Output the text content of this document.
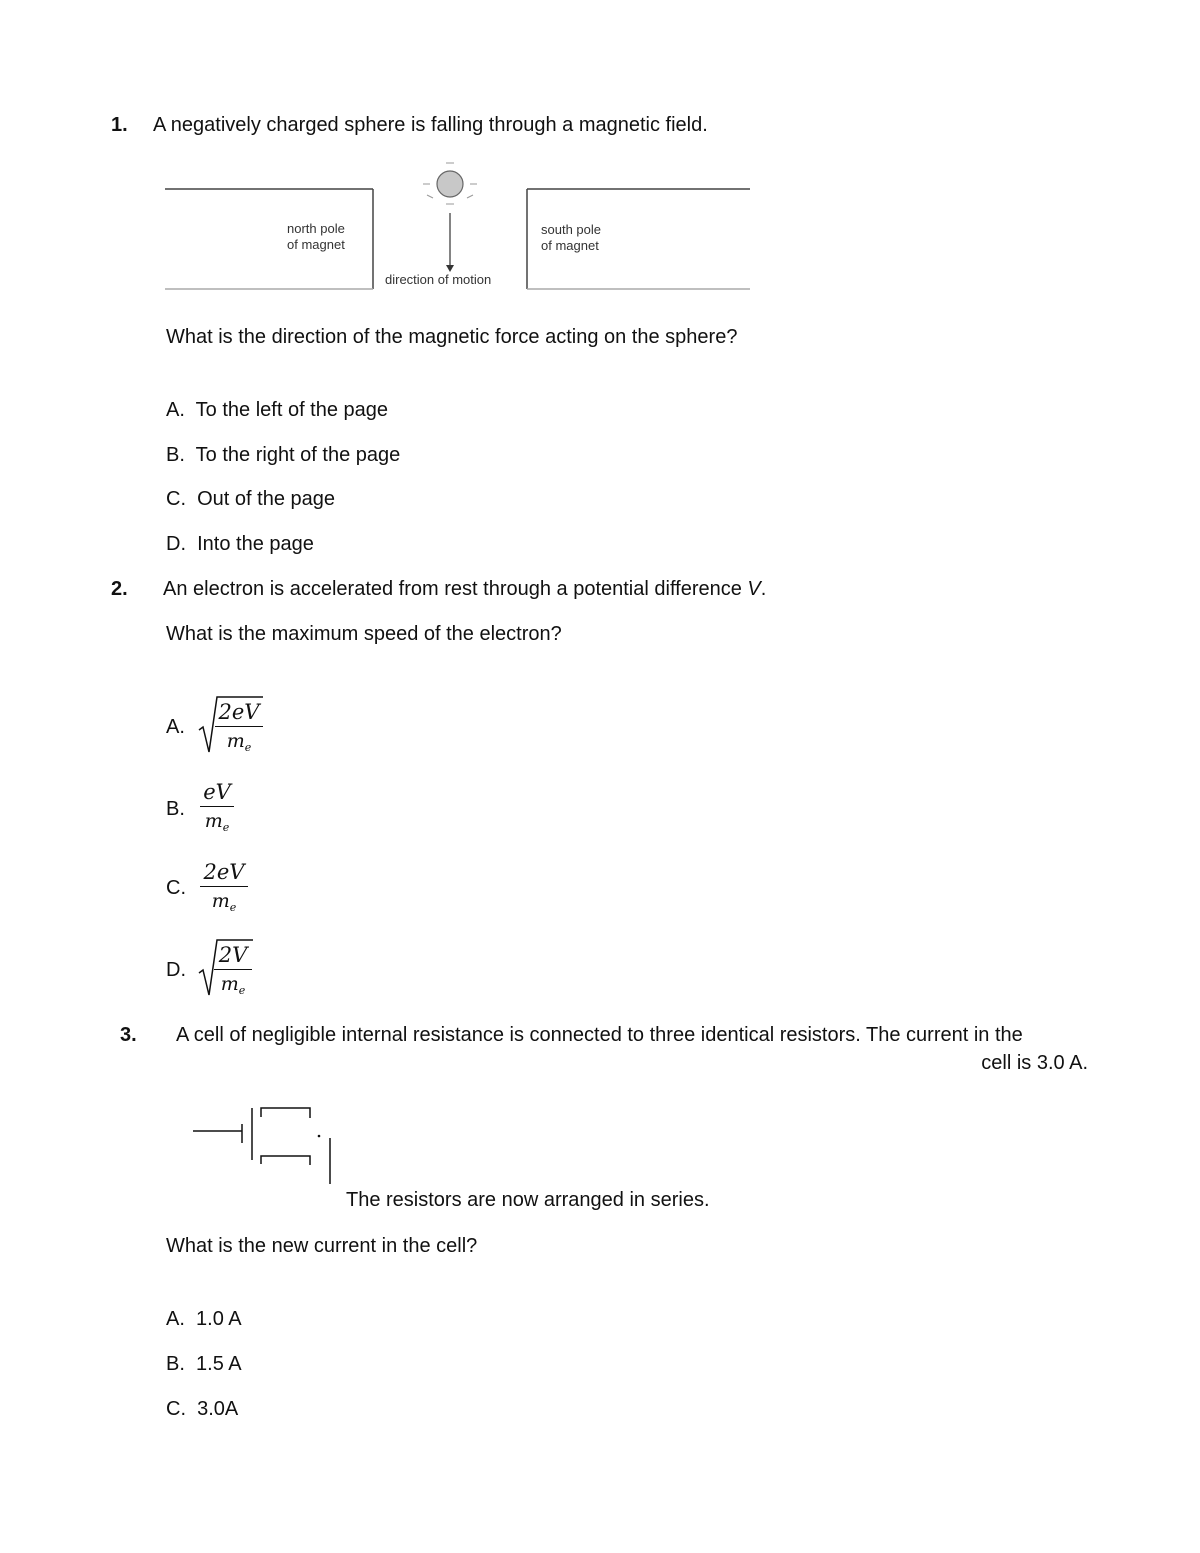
1. A negatively charged sphere is falling through a magnetic field.
north pole
of magnet
south pole
of magnet
direction of motion
What is the direction of the magnetic force acting on the sphere?
A. To the left of the page
B. To the right of the page
C. Out of the page
D. Into the page
2. An electron is accelerated from rest through a potential difference V.
What is the maximum speed of the electron?
A.
2eV
$m_e$
B.
eV
$m_e$
C.
2eV
$m_e$
D.
2V
$m_e$
3. A cell of negligible internal resistance is connected to three identical resistors. The current in the
cell is 3.0 A.
The resistors are now arranged in series.
What is the new current in the cell?
A. 1.0 A
B. 1.5 A
C. 3.0A
